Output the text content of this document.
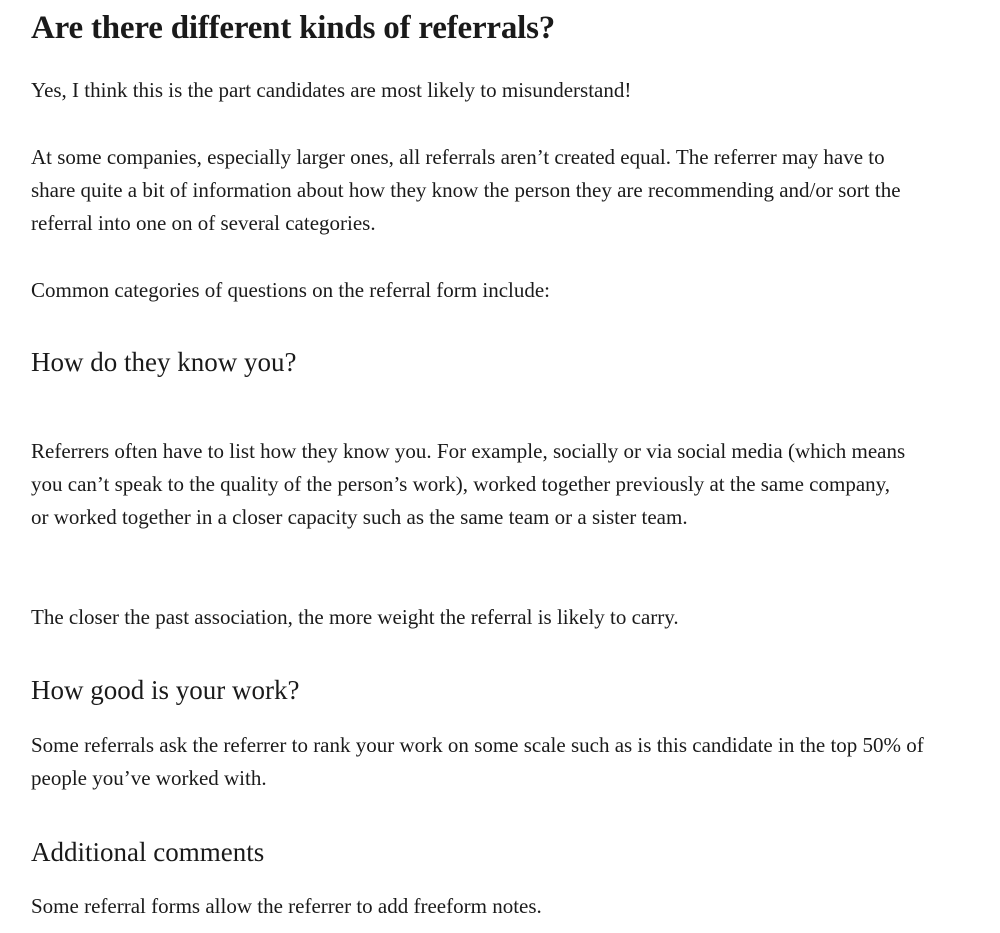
Are there different kinds of referrals?

Yes, I think this is the part candidates are most likely to misunderstand!

At some companies, especially larger ones, all referrals aren’t created equal. The referrer may have to share quite a bit of information about how they know the person they are recommending and/or sort the referral into one on of several categories.

Common categories of questions on the referral form include:

How do they know you?

Referrers often have to list how they know you. For example, socially or via social media (which means you can’t speak to the quality of the person’s work), worked together previously at the same company, or worked together in a closer capacity such as the same team or a sister team.

The closer the past association, the more weight the referral is likely to carry.

How good is your work?

Some referrals ask the referrer to rank your work on some scale such as is this candidate in the top 50% of people you’ve worked with.

Additional comments

Some referral forms allow the referrer to add freeform notes.
